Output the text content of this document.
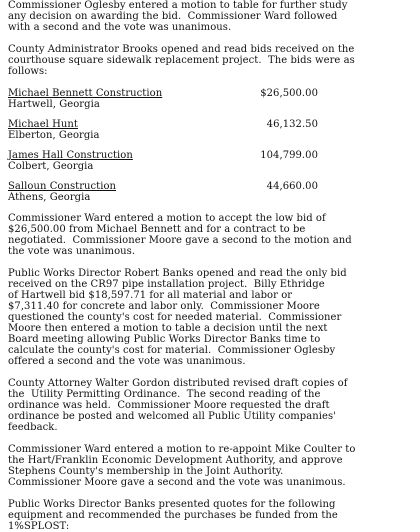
Commissioner Oglesby entered a motion to table for further study
any decision on awarding the bid.  Commissioner Ward followed
with a second and the vote was unanimous.

County Administrator Brooks opened and read bids received on the
courthouse square sidewalk replacement project.  The bids were as
follows:

Michael Bennett Construction

Hartwell, Georgia

$26,500.00

Michael Hunt

Elberton, Georgia

46,132.50

James Hall Construction

Colbert, Georgia

104,799.00

Salloun Construction

Athens, Georgia

44,660.00

Commissioner Ward entered a motion to accept the low bid of
$26,500.00 from Michael Bennett and for a contract to be
negotiated.  Commissioner Moore gave a second to the motion and
the vote was unanimous.

Public Works Director Robert Banks opened and read the only bid
received on the CR97 pipe installation project.  Billy Ethridge
of Hartwell bid $18,597.71 for all material and labor or
$7,311.40 for concrete and labor only.  Commissioner Moore
questioned the county's cost for needed material.  Commissioner
Moore then entered a motion to table a decision until the next
Board meeting allowing Public Works Director Banks time to
calculate the county's cost for material.  Commissioner Oglesby
offered a second and the vote was unanimous.

County Attorney Walter Gordon distributed revised draft copies of
the  Utility Permitting Ordinance.  The second reading of the
ordinance was held.  Commissioner Moore requested the draft
ordinance be posted and welcomed all Public Utility companies'
feedback.

Commissioner Ward entered a motion to re-appoint Mike Coulter to
the Hart/Franklin Economic Development Authority, and approve
Stephens County's membership in the Joint Authority.
Commissioner Moore gave a second and the vote was unanimous.

Public Works Director Banks presented quotes for the following
equipment and recommended the purchases be funded from the
1%SPLOST:
